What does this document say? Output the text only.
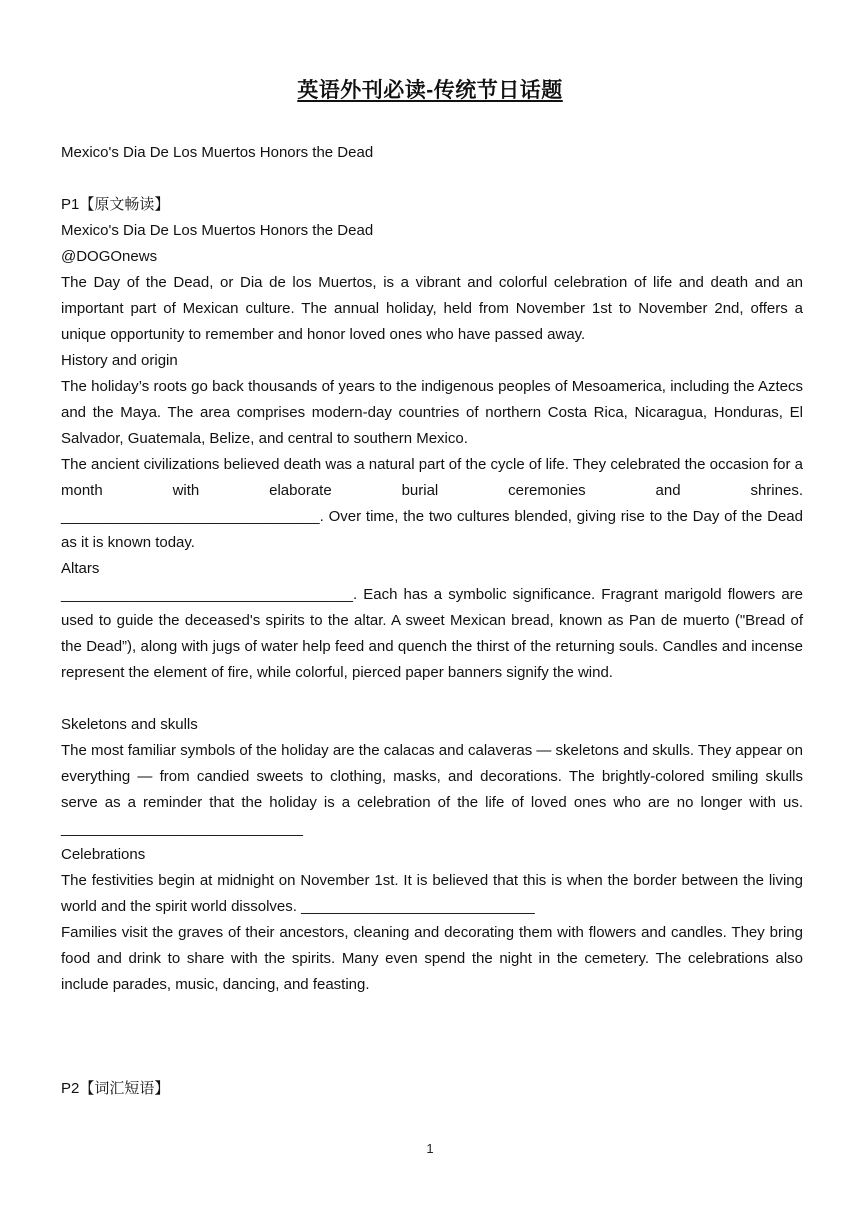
英语外刊必读-传统节日话题

Mexico's Dia De Los Muertos Honors the Dead

P1【原文畅读】

Mexico's Dia De Los Muertos Honors the Dead

@DOGOnews

The Day of the Dead, or Dia de los Muertos, is a vibrant and colorful celebration of life and death and an important part of Mexican culture. The annual holiday, held from November 1st to November 2nd, offers a unique opportunity to remember and honor loved ones who have passed away.

History and origin

The holiday’s roots go back thousands of years to the indigenous peoples of Mesoamerica, including the Aztecs and the Maya. The area comprises modern-day countries of northern Costa Rica, Nicaragua, Honduras, El Salvador, Guatemala, Belize, and central to southern Mexico.

The ancient civilizations believed death was a natural part of the cycle of life. They celebrated the occasion for a month with elaborate burial ceremonies and shrines.

_______________________________. Over time, the two cultures blended, giving rise to the Day of the Dead as it is known today.

Altars

___________________________________. Each has a symbolic significance. Fragrant marigold flowers are used to guide the deceased's spirits to the altar. A sweet Mexican bread, known as Pan de muerto ("Bread of the Dead”), along with jugs of water help feed and quench the thirst of the returning souls. Candles and incense represent the element of fire, while colorful, pierced paper banners signify the wind.

Skeletons and skulls

The most familiar symbols of the holiday are the calacas and calaveras — skeletons and skulls. They appear on everything — from candied sweets to clothing, masks, and decorations. The brightly-colored smiling skulls serve as a reminder that the holiday is a celebration of the life of loved ones who are no longer with us. _____________________________

Celebrations

The festivities begin at midnight on November 1st. It is believed that this is when the border between the living world and the spirit world dissolves. ____________________________

Families visit the graves of their ancestors, cleaning and decorating them with flowers and candles. They bring food and drink to share with the spirits. Many even spend the night in the cemetery. The celebrations also include parades, music, dancing, and feasting.

P2【词汇短语】

1
